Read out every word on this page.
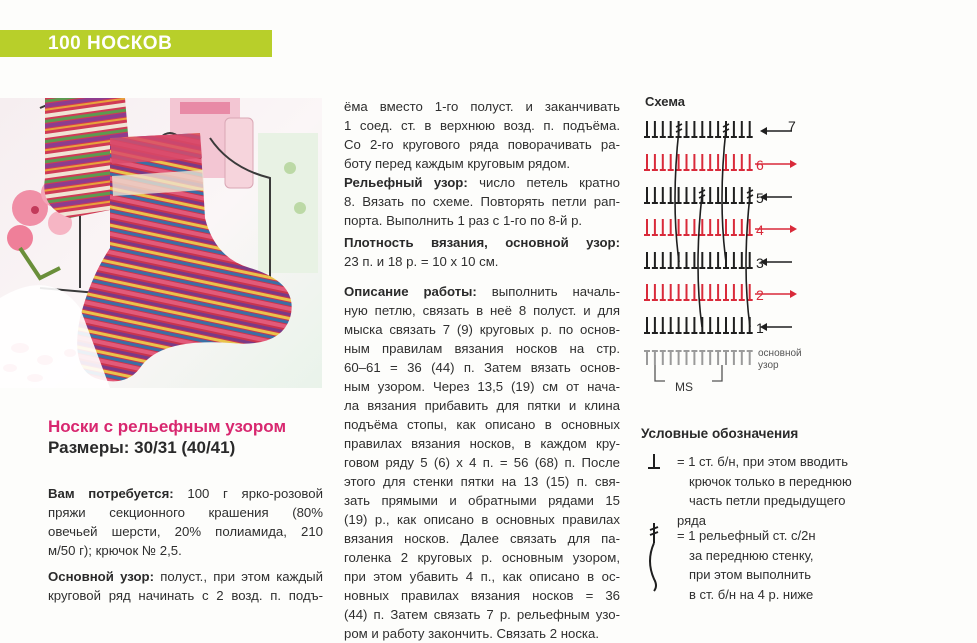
100 НОСКОВ
Носки с рельефным узором
Размеры: 30/31 (40/41)
Вам потребуется: 100 г ярко-розовой
пряжи секционного крашения (80%
овечьей шерсти, 20% полиамида, 210
м/50 г); крючок № 2,5.
Основной узор: полуст., при этом каждый
круговой ряд начинать с 2 возд. п. подъ-
ёма вместо 1-го полуст. и заканчивать
1 соед. ст. в верхнюю возд. п. подъёма.
Со 2-го кругового ряда поворачивать ра-
боту перед каждым круговым рядом.
Рельефный узор: число петель кратно
8. Вязать по схеме. Повторять петли рап-
порта. Выполнить 1 раз с 1-го по 8-й р.
Плотность вязания, основной узор:
23 п. и 18 р. = 10 х 10 см.
Описание работы: выполнить началь-
ную петлю, связать в неё 8 полуст. и для
мыска связать 7 (9) круговых р. по основ-
ным правилам вязания носков на стр.
60–61 = 36 (44) п. Затем вязать основ-
ным узором. Через 13,5 (19) см от нача-
ла вязания прибавить для пятки и клина
подъёма стопы, как описано в основных
правилах вязания носков, в каждом кру-
говом ряду 5 (6) х 4 п. = 56 (68) п. После
этого для стенки пятки на 13 (15) п. свя-
зать прямыми и обратными рядами 15
(19) р., как описано в основных правилах
вязания носков. Далее связать для па-
голенка 2 круговых р. основным узором,
при этом убавить 4 п., как описано в ос-
новных правилах вязания носков = 36
(44) п. Затем связать 7 р. рельефным узо-
ром и работу закончить. Связать 2 носка.
Схема
7
6
5
4
3
2
1
основной
узор
MS
Условные обозначения
= 1 ст. б/н, при этом вводить
крючок только в переднюю
часть петли предыдущего
ряда
= 1 рельефный ст. с/2н
за переднюю стенку,
при этом выполнить
в ст. б/н на 4 р. ниже
